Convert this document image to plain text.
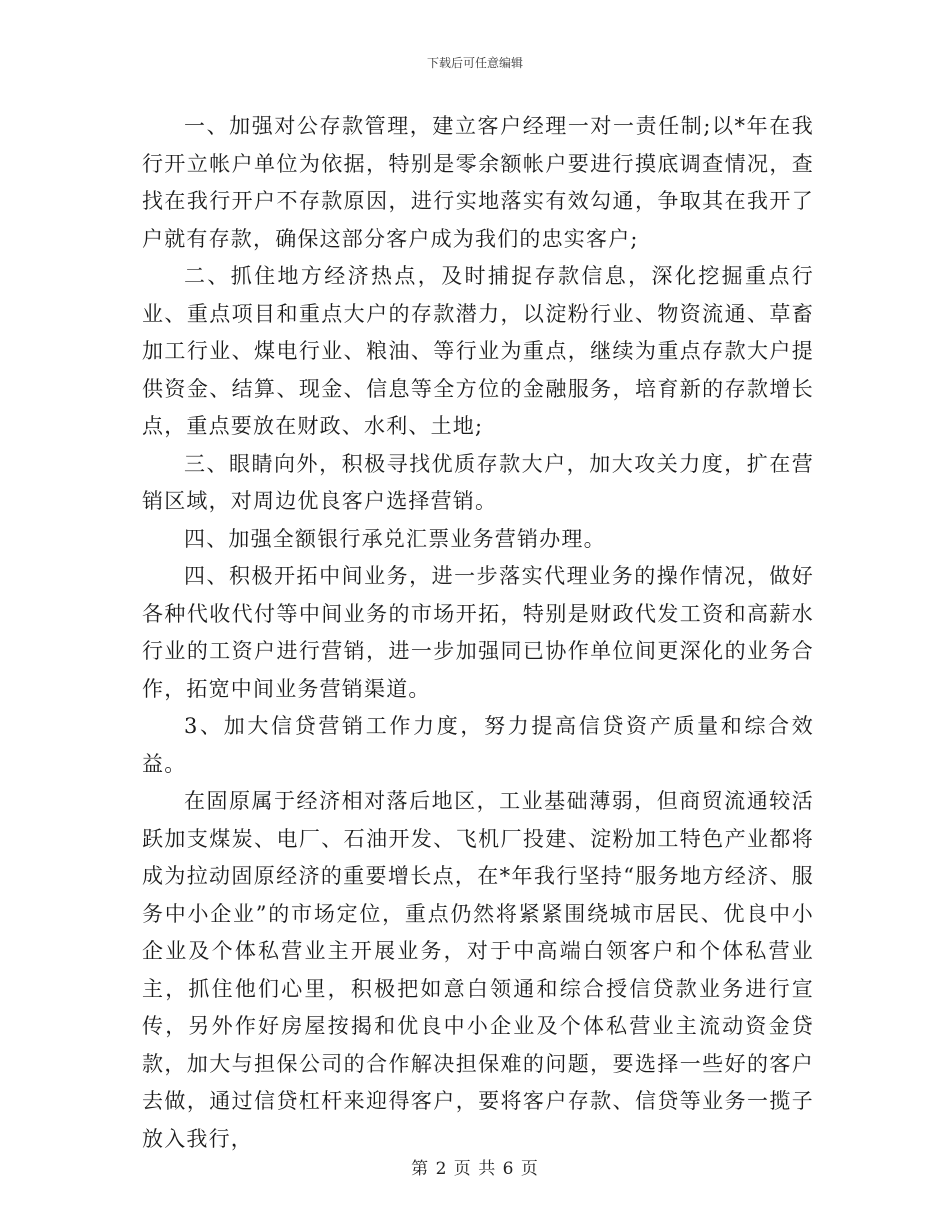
下载后可任意编辑

一、加强对公存款管理，建立客户经理一对一责任制;以*年在我行开立帐户单位为依据，特别是零余额帐户要进行摸底调查情况，查找在我行开户不存款原因，进行实地落实有效勾通，争取其在我开了户就有存款，确保这部分客户成为我们的忠实客户;

二、抓住地方经济热点，及时捕捉存款信息，深化挖掘重点行业、重点项目和重点大户的存款潜力，以淀粉行业、物资流通、草畜加工行业、煤电行业、粮油、等行业为重点，继续为重点存款大户提供资金、结算、现金、信息等全方位的金融服务，培育新的存款增长点，重点要放在财政、水利、土地;

三、眼睛向外，积极寻找优质存款大户，加大攻关力度，扩在营销区域，对周边优良客户选择营销。

四、加强全额银行承兑汇票业务营销办理。

四、积极开拓中间业务，进一步落实代理业务的操作情况，做好各种代收代付等中间业务的市场开拓，特别是财政代发工资和高薪水行业的工资户进行营销，进一步加强同已协作单位间更深化的业务合作，拓宽中间业务营销渠道。

3、加大信贷营销工作力度，努力提高信贷资产质量和综合效益。

在固原属于经济相对落后地区，工业基础薄弱，但商贸流通较活跃加支煤炭、电厂、石油开发、飞机厂投建、淀粉加工特色产业都将成为拉动固原经济的重要增长点，在*年我行坚持“服务地方经济、服务中小企业”的市场定位，重点仍然将紧紧围绕城市居民、优良中小企业及个体私营业主开展业务，对于中高端白领客户和个体私营业主，抓住他们心里，积极把如意白领通和综合授信贷款业务进行宣传，另外作好房屋按揭和优良中小企业及个体私营业主流动资金贷款，加大与担保公司的合作解决担保难的问题，要选择一些好的客户去做，通过信贷杠杆来迎得客户，要将客户存款、信贷等业务一揽子放入我行，

第 2 页 共 6 页
